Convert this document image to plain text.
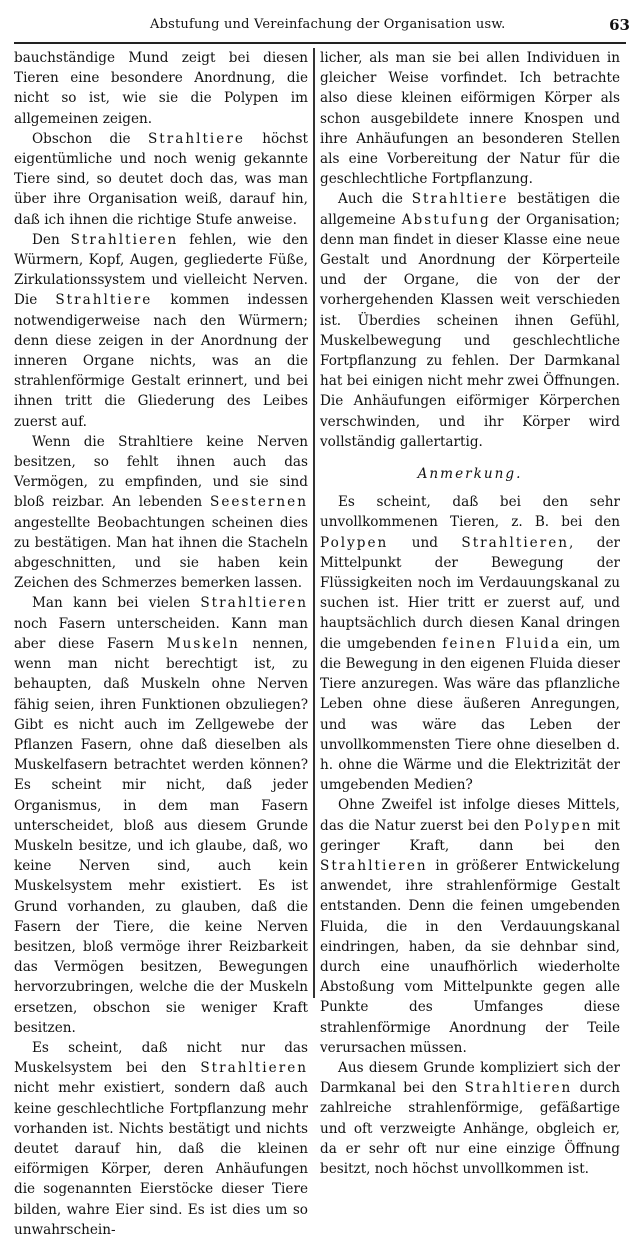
Abstufung und Vereinfachung der Organisation usw.	63

bauchständige Mund zeigt bei diesen Tieren eine besondere Anordnung, die nicht so ist, wie sie die Polypen im allgemeinen zeigen.

Obschon die Strahltiere höchst eigentümliche und noch wenig gekannte Tiere sind, so deutet doch das, was man über ihre Organisation weiß, darauf hin, daß ich ihnen die richtige Stufe anweise.

Den Strahltieren fehlen, wie den Würmern, Kopf, Augen, gegliederte Füße, Zirkulationssystem und vielleicht Nerven. Die Strahltiere kommen indessen notwendigerweise nach den Würmern; denn diese zeigen in der Anordnung der inneren Organe nichts, was an die strahlenförmige Gestalt erinnert, und bei ihnen tritt die Gliederung des Leibes zuerst auf.

Wenn die Strahltiere keine Nerven besitzen, so fehlt ihnen auch das Vermögen, zu empfinden, und sie sind bloß reizbar. An lebenden Seesternen angestellte Beobachtungen scheinen dies zu bestätigen. Man hat ihnen die Stacheln abgeschnitten, und sie haben kein Zeichen des Schmerzes bemerken lassen.

Man kann bei vielen Strahltieren noch Fasern unterscheiden. Kann man aber diese Fasern Muskeln nennen, wenn man nicht berechtigt ist, zu behaupten, daß Muskeln ohne Nerven fähig seien, ihren Funktionen obzuliegen? Gibt es nicht auch im Zellgewebe der Pflanzen Fasern, ohne daß dieselben als Muskelfasern betrachtet werden können? Es scheint mir nicht, daß jeder Organismus, in dem man Fasern unterscheidet, bloß aus diesem Grunde Muskeln besitze, und ich glaube, daß, wo keine Nerven sind, auch kein Muskelsystem mehr existiert. Es ist Grund vorhanden, zu glauben, daß die Fasern der Tiere, die keine Nerven besitzen, bloß vermöge ihrer Reizbarkeit das Vermögen besitzen, Bewegungen hervorzubringen, welche die der Muskeln ersetzen, obschon sie weniger Kraft besitzen.

Es scheint, daß nicht nur das Muskelsystem bei den Strahltieren nicht mehr existiert, sondern daß auch keine geschlechtliche Fortpflanzung mehr vorhanden ist. Nichts bestätigt und nichts deutet darauf hin, daß die kleinen eiförmigen Körper, deren Anhäufungen die sogenannten Eierstöcke dieser Tiere bilden, wahre Eier sind. Es ist dies um so unwahrschein-

licher, als man sie bei allen Individuen in gleicher Weise vorfindet. Ich betrachte also diese kleinen eiförmigen Körper als schon ausgebildete innere Knospen und ihre Anhäufungen an besonderen Stellen als eine Vorbereitung der Natur für die geschlechtliche Fortpflanzung.

Auch die Strahltiere bestätigen die allgemeine Abstufung der Organisation; denn man findet in dieser Klasse eine neue Gestalt und Anordnung der Körperteile und der Organe, die von der der vorhergehenden Klassen weit verschieden ist. Überdies scheinen ihnen Gefühl, Muskelbewegung und geschlechtliche Fortpflanzung zu fehlen. Der Darmkanal hat bei einigen nicht mehr zwei Öffnungen. Die Anhäufungen eiförmiger Körperchen verschwinden, und ihr Körper wird vollständig gallertartig.

Anmerkung.

Es scheint, daß bei den sehr unvollkommenen Tieren, z. B. bei den Polypen und Strahltieren, der Mittelpunkt der Bewegung der Flüssigkeiten noch im Verdauungskanal zu suchen ist. Hier tritt er zuerst auf, und hauptsächlich durch diesen Kanal dringen die umgebenden feinen Fluida ein, um die Bewegung in den eigenen Fluida dieser Tiere anzuregen. Was wäre das pflanzliche Leben ohne diese äußeren Anregungen, und was wäre das Leben der unvollkommensten Tiere ohne dieselben d. h. ohne die Wärme und die Elektrizität der umgebenden Medien?

Ohne Zweifel ist infolge dieses Mittels, das die Natur zuerst bei den Polypen mit geringer Kraft, dann bei den Strahltieren in größerer Entwickelung anwendet, ihre strahlenförmige Gestalt entstanden. Denn die feinen umgebenden Fluida, die in den Verdauungskanal eindringen, haben, da sie dehnbar sind, durch eine unaufhörlich wiederholte Abstoßung vom Mittelpunkte gegen alle Punkte des Umfanges diese strahlenförmige Anordnung der Teile verursachen müssen.

Aus diesem Grunde kompliziert sich der Darmkanal bei den Strahltieren durch zahlreiche strahlenförmige, gefäßartige und oft verzweigte Anhänge, obgleich er, da er sehr oft nur eine einzige Öffnung besitzt, noch höchst unvollkommen ist.
